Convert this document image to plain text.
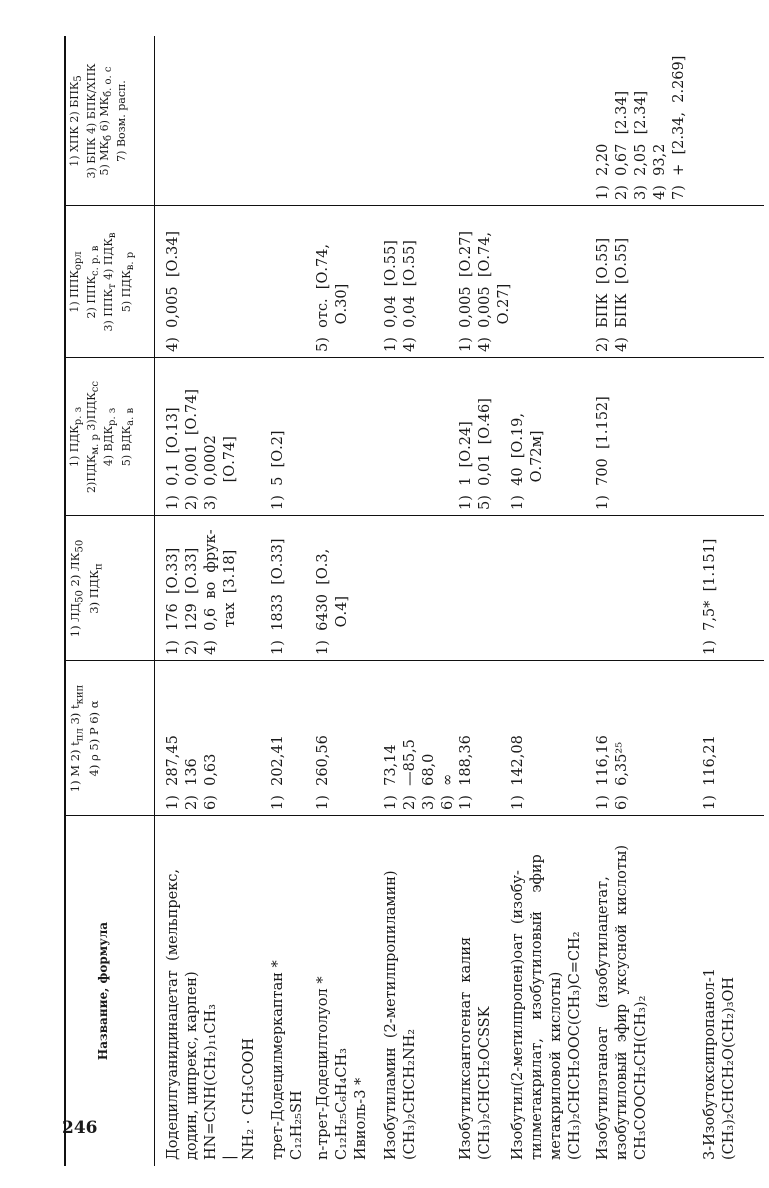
246
Название, формула
1) M 2) $t_{пл}$ 3) $t_{кип}$
4) ρ 5) P 6) α
1) $ЛД_{50}$ 2) $ЛК_{50}$
3) $ПДК_п$
1) $ПДК_{р. з}$
$2)ПДК_{м. р}$ $3)ПДК_{сс}$
4) $ВДК_{р. з}$
5) $ВДК_{а. в}$
1) $ППК_{орл}$
2) $ППК_{с. р. в}$
3) $ППК_т$ 4) $ПДК_в$
5) $ПДК_{в. р}$
1) ХПК 2) $БПК_5$ 3) БПК 4) БПК/ХПК 5) $МК_б$ 6) $МК_{б. о. с}$ 7) Возм. расп.
Додецилгуанидинацетат  (мельпрекс, додин, ципрекс, карпен) HN=CNH(CH₂)₁₁CH₃ | NH₂ · CH₃COOH
1)  287,45 2)  136 6)  0,63
1)  176  [О.33] 2)  129  [О.33] 4)  0,6  во  фрук- тах  [3.18]
1)  0,1  [О.13] 2)  0,001  [О.74] 3)  0,0002 [О.74]
4)  0,005  [О.34]
трет-Додецилмеркаптан * C₁₂H₂₅SH
1)  202,41
1)  1833  [О.33]
1)  5  [О.2]
n-трет-Додецилтолуол * C₁₂H₂₅C₆H₄CH₃ Ивиоль-3 *
1)  260,56
1)  6430  [О.3, О.4]
5)  отс.  [О.74, О.30]
Изобутиламин  (2-метилпропиламин) (CH₃)₂CHCH₂NH₂
1)  73,14 2)  —85,5 3)  68,0 6)  ∞
1)  0,04  [О.55] 4)  0,04  [О.55]
Изобутилксантогенат  калия (CH₃)₂CHCH₂OCSSK
1)  188,36
1)  1  [О.24] 5)  0,01  [О.46]
1)  0,005  [О.27] 4)  0,005  [О.74, О.27]
Изобутил(2-метилпропен)оат  (изобу- тилметакрилат,    изобутиловый    эфир метакриловой  кислоты) (CH₃)₂CHCH₂OOC(CH₃)C=CH₂
1)  142,08
1)  40  [О.19, О.72м]
Изобутилэтаноат    (изобутилацетат, изобутиловый  эфир  уксусной  кислоты) CH₃COOCH₂CH(CH₃)₂
1)  116,16 6)  6,35²⁵
1)  700  [1.152]
2)  БПК  [О.55] 4)  БПК  [О.55]
1)  2,20 2)  0,67  [2.34] 3)  2,05  [2.34] 4)  93,2 7)  +  [2.34,  2.269]
3-Изобутоксипропанол-1 (CH₃)₂CHCH₂O(CH₂)₃OH
1)  116,21
1)  7,5*  [1.151]
